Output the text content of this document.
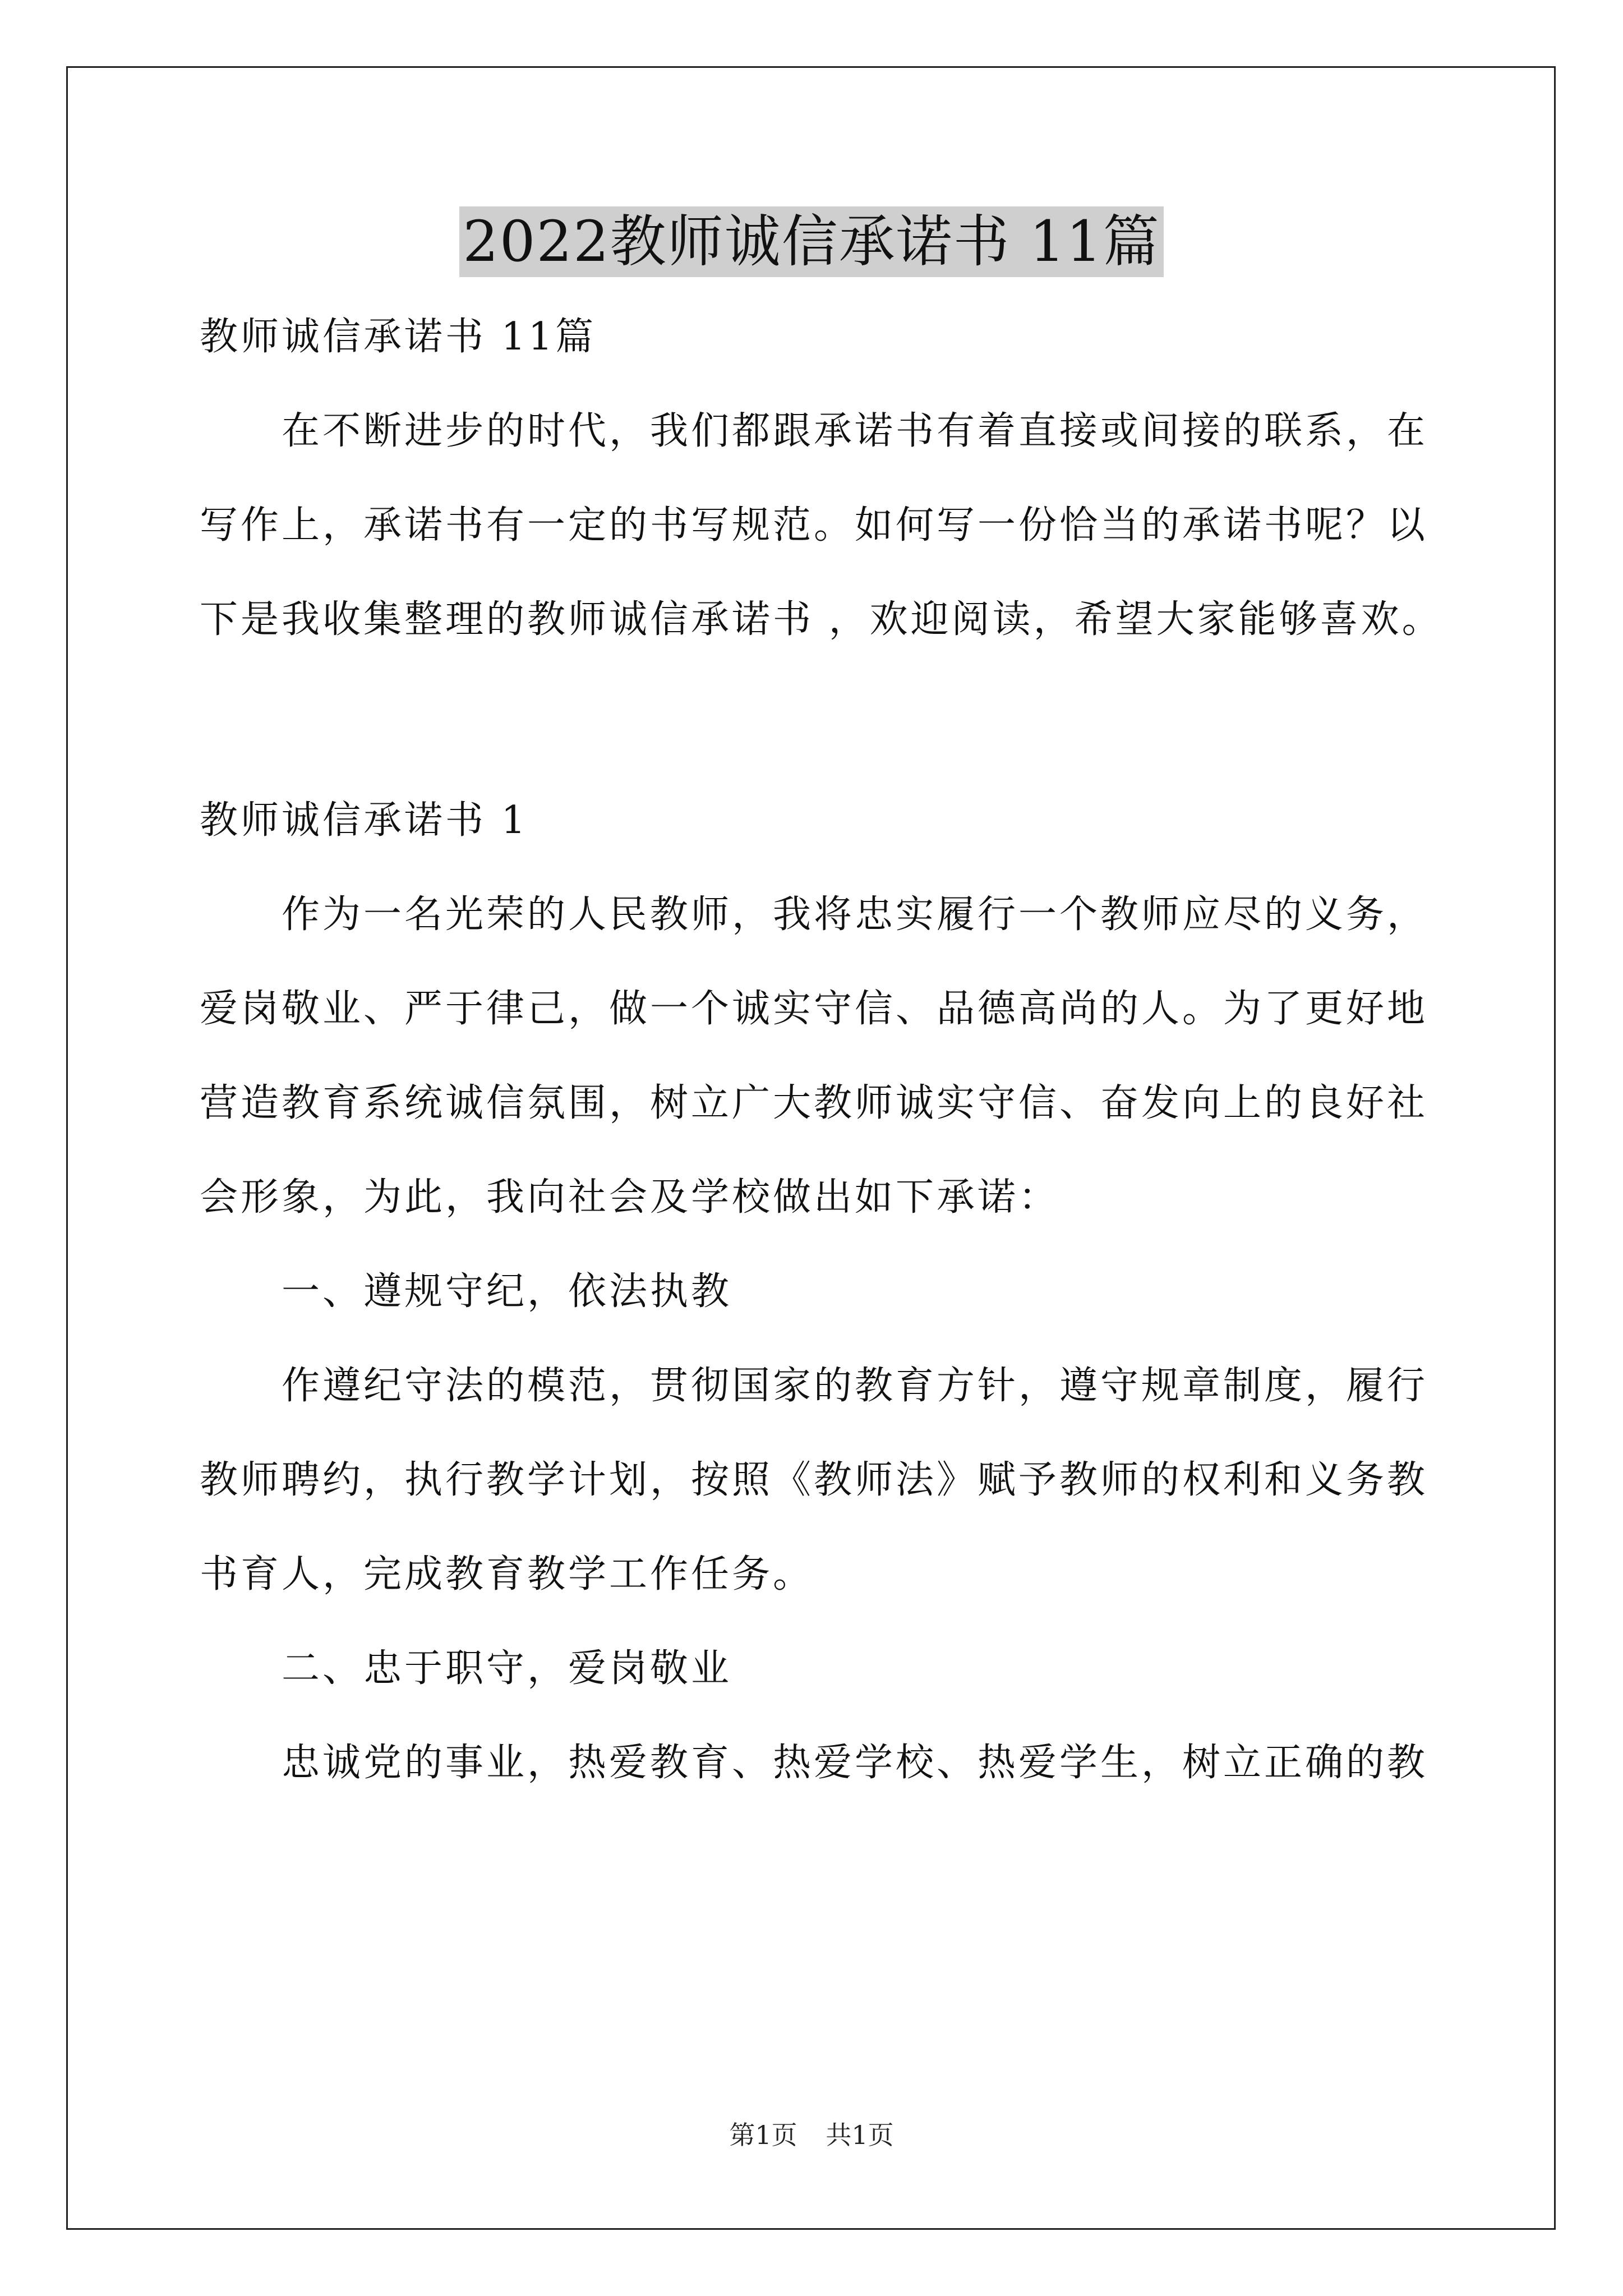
2022教师诚信承诺书 11篇
教师诚信承诺书 11篇
在不断进步的时代，我们都跟承诺书有着直接或间接的联系，在
写作上，承诺书有一定的书写规范。如何写一份恰当的承诺书呢？以
下是我收集整理的教师诚信承诺书 ，欢迎阅读，希望大家能够喜欢。
教师诚信承诺书 1
作为一名光荣的人民教师，我将忠实履行一个教师应尽的义务，
爱岗敬业、严于律己，做一个诚实守信、品德高尚的人。为了更好地
营造教育系统诚信氛围，树立广大教师诚实守信、奋发向上的良好社
会形象，为此，我向社会及学校做出如下承诺：
一、遵规守纪，依法执教
作遵纪守法的模范，贯彻国家的教育方针，遵守规章制度，履行
教师聘约，执行教学计划，按照《教师法》赋予教师的权利和义务教
书育人，完成教育教学工作任务。
二、忠于职守，爱岗敬业
忠诚党的事业，热爱教育、热爱学校、热爱学生，树立正确的教
第1页 共1页
